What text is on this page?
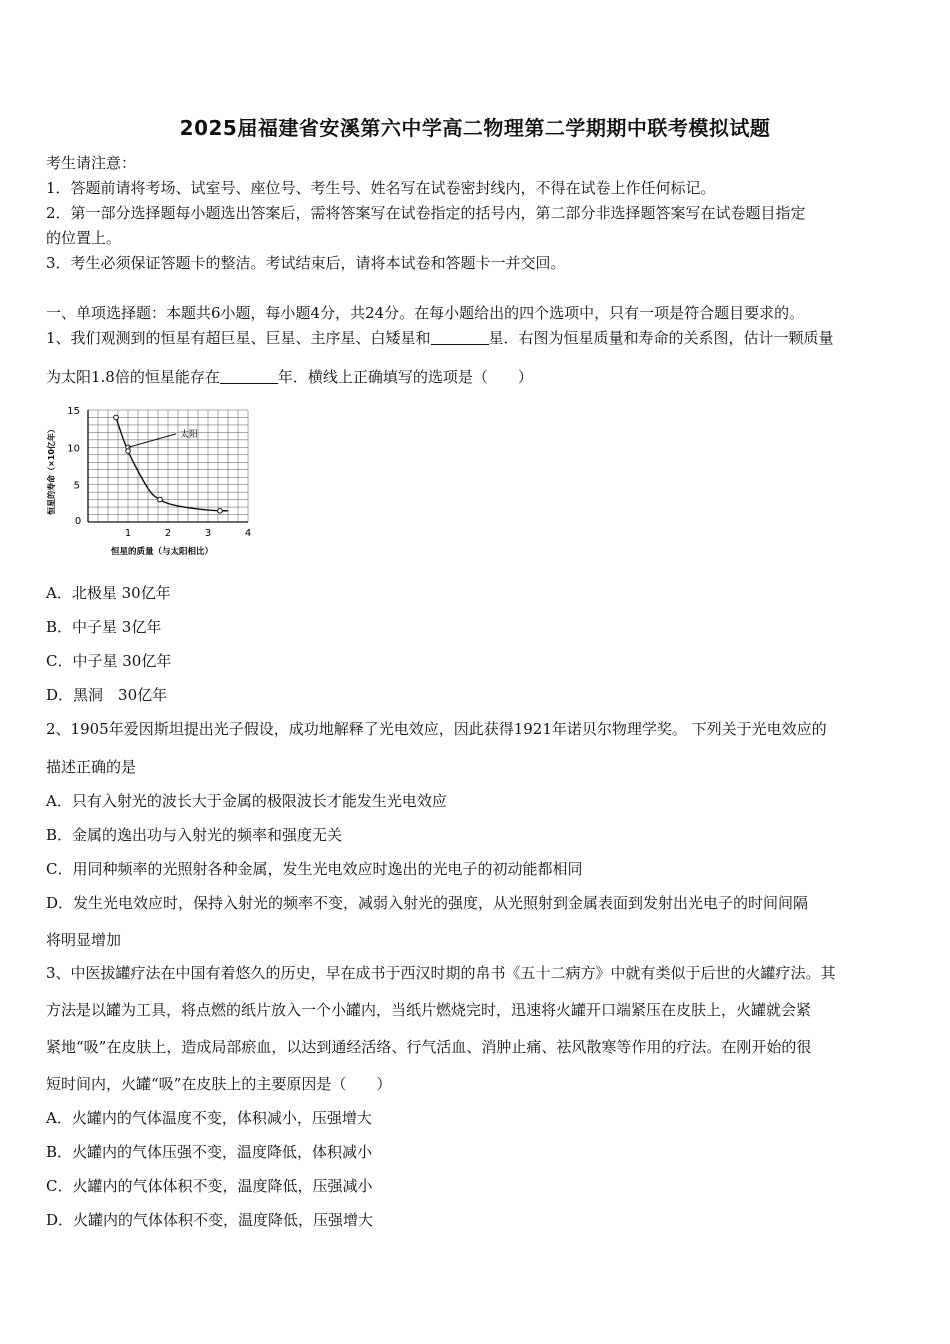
2025届福建省安溪第六中学高二物理第二学期期中联考模拟试题
考生请注意：
1．答题前请将考场、试室号、座位号、考生号、姓名写在试卷密封线内，不得在试卷上作任何标记。
2．第一部分选择题每小题选出答案后，需将答案写在试卷指定的括号内，第二部分非选择题答案写在试卷题目指定
的位置上。
3．考生必须保证答题卡的整洁。考试结束后，请将本试卷和答题卡一并交回。
一、单项选择题：本题共6小题，每小题4分，共24分。在每小题给出的四个选项中，只有一项是符合题目要求的。
1、我们观测到的恒星有超巨星、巨星、主序星、白矮星和	星．右图为恒星质量和寿命的关系图，估计一颗质量
为太阳1.8倍的恒星能存在	年．横线上正确填写的选项是（　　）
0
1	2	3	4
5
10
15
太阳
恒星的质量（与太阳相比）
恒星的寿命（×10亿年）
A．北极星 30亿年
B．中子星 3亿年
C．中子星 30亿年
D．黑洞　30亿年
2、1905年爱因斯坦提出光子假设，成功地解释了光电效应，因此获得1921年诺贝尔物理学奖。 下列关于光电效应的
描述正确的是
A．只有入射光的波长大于金属的极限波长才能发生光电效应
B．金属的逸出功与入射光的频率和强度无关
C．用同种频率的光照射各种金属，发生光电效应时逸出的光电子的初动能都相同
D．发生光电效应时，保持入射光的频率不变，减弱入射光的强度，从光照射到金属表面到发射出光电子的时间间隔
将明显增加
3、中医拔罐疗法在中国有着悠久的历史，早在成书于西汉时期的帛书《五十二病方》中就有类似于后世的火罐疗法。其
方法是以罐为工具，将点燃的纸片放入一个小罐内，当纸片燃烧完时，迅速将火罐开口端紧压在皮肤上，火罐就会紧
紧地“吸”在皮肤上，造成局部瘀血，以达到通经活络、行气活血、消肿止痛、祛风散寒等作用的疗法。在刚开始的很
短时间内，火罐“吸”在皮肤上的主要原因是（　　）
A．火罐内的气体温度不变，体积减小，压强增大
B．火罐内的气体压强不变，温度降低，体积减小
C．火罐内的气体体积不变，温度降低，压强减小
D．火罐内的气体体积不变，温度降低，压强增大
